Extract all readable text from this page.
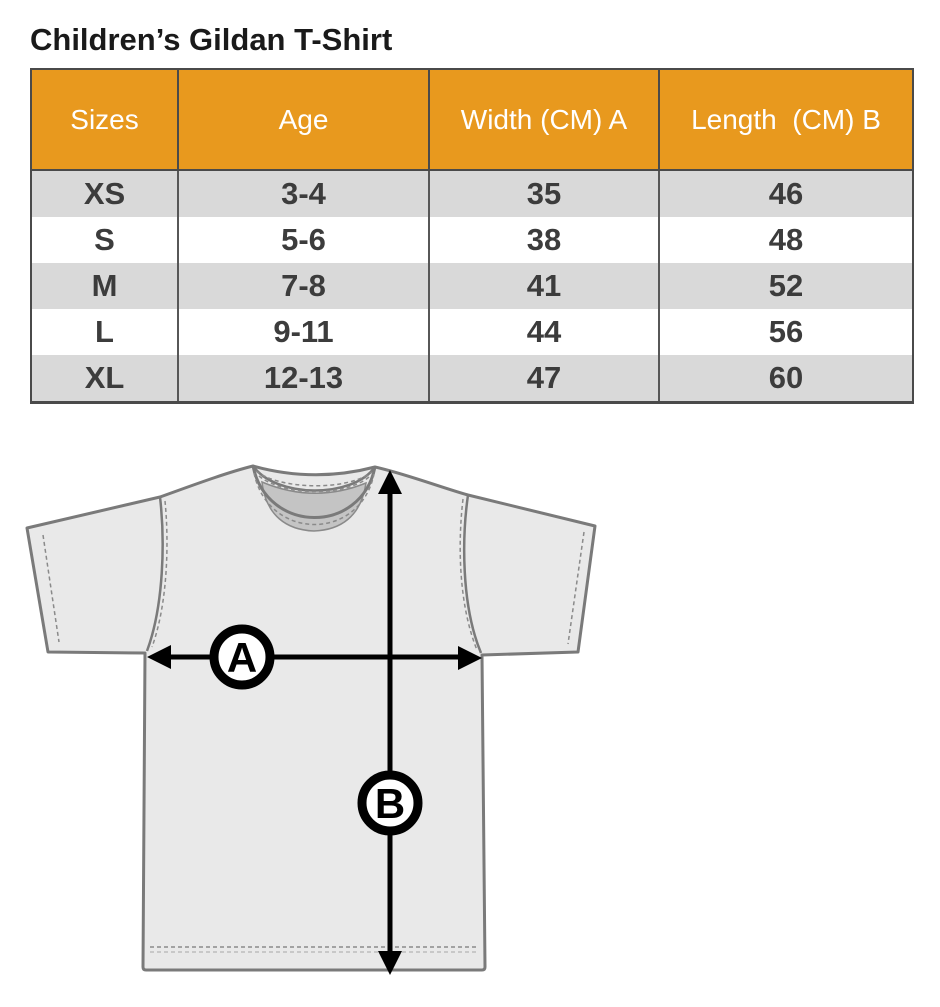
Children’s Gildan T-Shirt
Sizes	Age	Width (CM) A	Length  (CM) B
XS	3-4	35	46
S	5-6	38	48
M	7-8	41	52
L	9-11	44	56
XL	12-13	47	60
A
B
